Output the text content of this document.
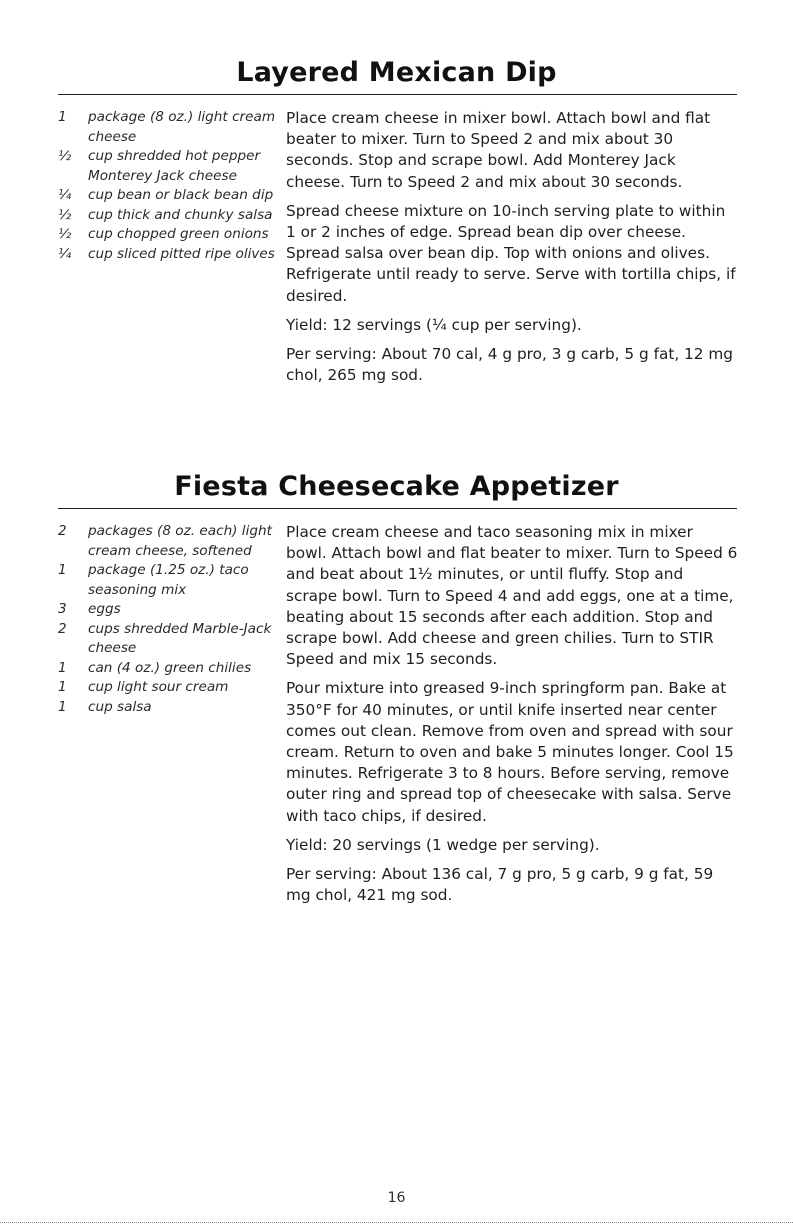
Layered Mexican Dip
1	package (8 oz.) light cream cheese
½	cup shredded hot pepper Monterey Jack cheese
¼	cup bean or black bean dip
½	cup thick and chunky salsa
½	cup chopped green onions
¼	cup sliced pitted ripe olives

Place cream cheese in mixer bowl. Attach bowl and flat beater to mixer. Turn to Speed 2 and mix about 30 seconds. Stop and scrape bowl. Add Monterey Jack cheese. Turn to Speed 2 and mix about 30 seconds.

Spread cheese mixture on 10-inch serving plate to within 1 or 2 inches of edge. Spread bean dip over cheese. Spread salsa over bean dip. Top with onions and olives. Refrigerate until ready to serve. Serve with tortilla chips, if desired.

Yield: 12 servings (¼ cup per serving).

Per serving: About 70 cal, 4 g pro, 3 g carb, 5 g fat, 12 mg chol, 265 mg sod.

Fiesta Cheesecake Appetizer
2	packages (8 oz. each) light cream cheese, softened
1	package (1.25 oz.) taco seasoning mix
3	eggs
2	cups shredded Marble-Jack cheese
1	can (4 oz.) green chilies
1	cup light sour cream
1	cup salsa

Place cream cheese and taco seasoning mix in mixer bowl. Attach bowl and flat beater to mixer. Turn to Speed 6 and beat about 1½ minutes, or until fluffy. Stop and scrape bowl. Turn to Speed 4 and add eggs, one at a time, beating about 15 seconds after each addition. Stop and scrape bowl. Add cheese and green chilies. Turn to STIR Speed and mix 15 seconds.

Pour mixture into greased 9-inch springform pan. Bake at 350°F for 40 minutes, or until knife inserted near center comes out clean. Remove from oven and spread with sour cream. Return to oven and bake 5 minutes longer. Cool 15 minutes. Refrigerate 3 to 8 hours. Before serving, remove outer ring and spread top of cheesecake with salsa. Serve with taco chips, if desired.

Yield: 20 servings (1 wedge per serving).

Per serving: About 136 cal, 7 g pro, 5 g carb, 9 g fat, 59 mg chol, 421 mg sod.

16
